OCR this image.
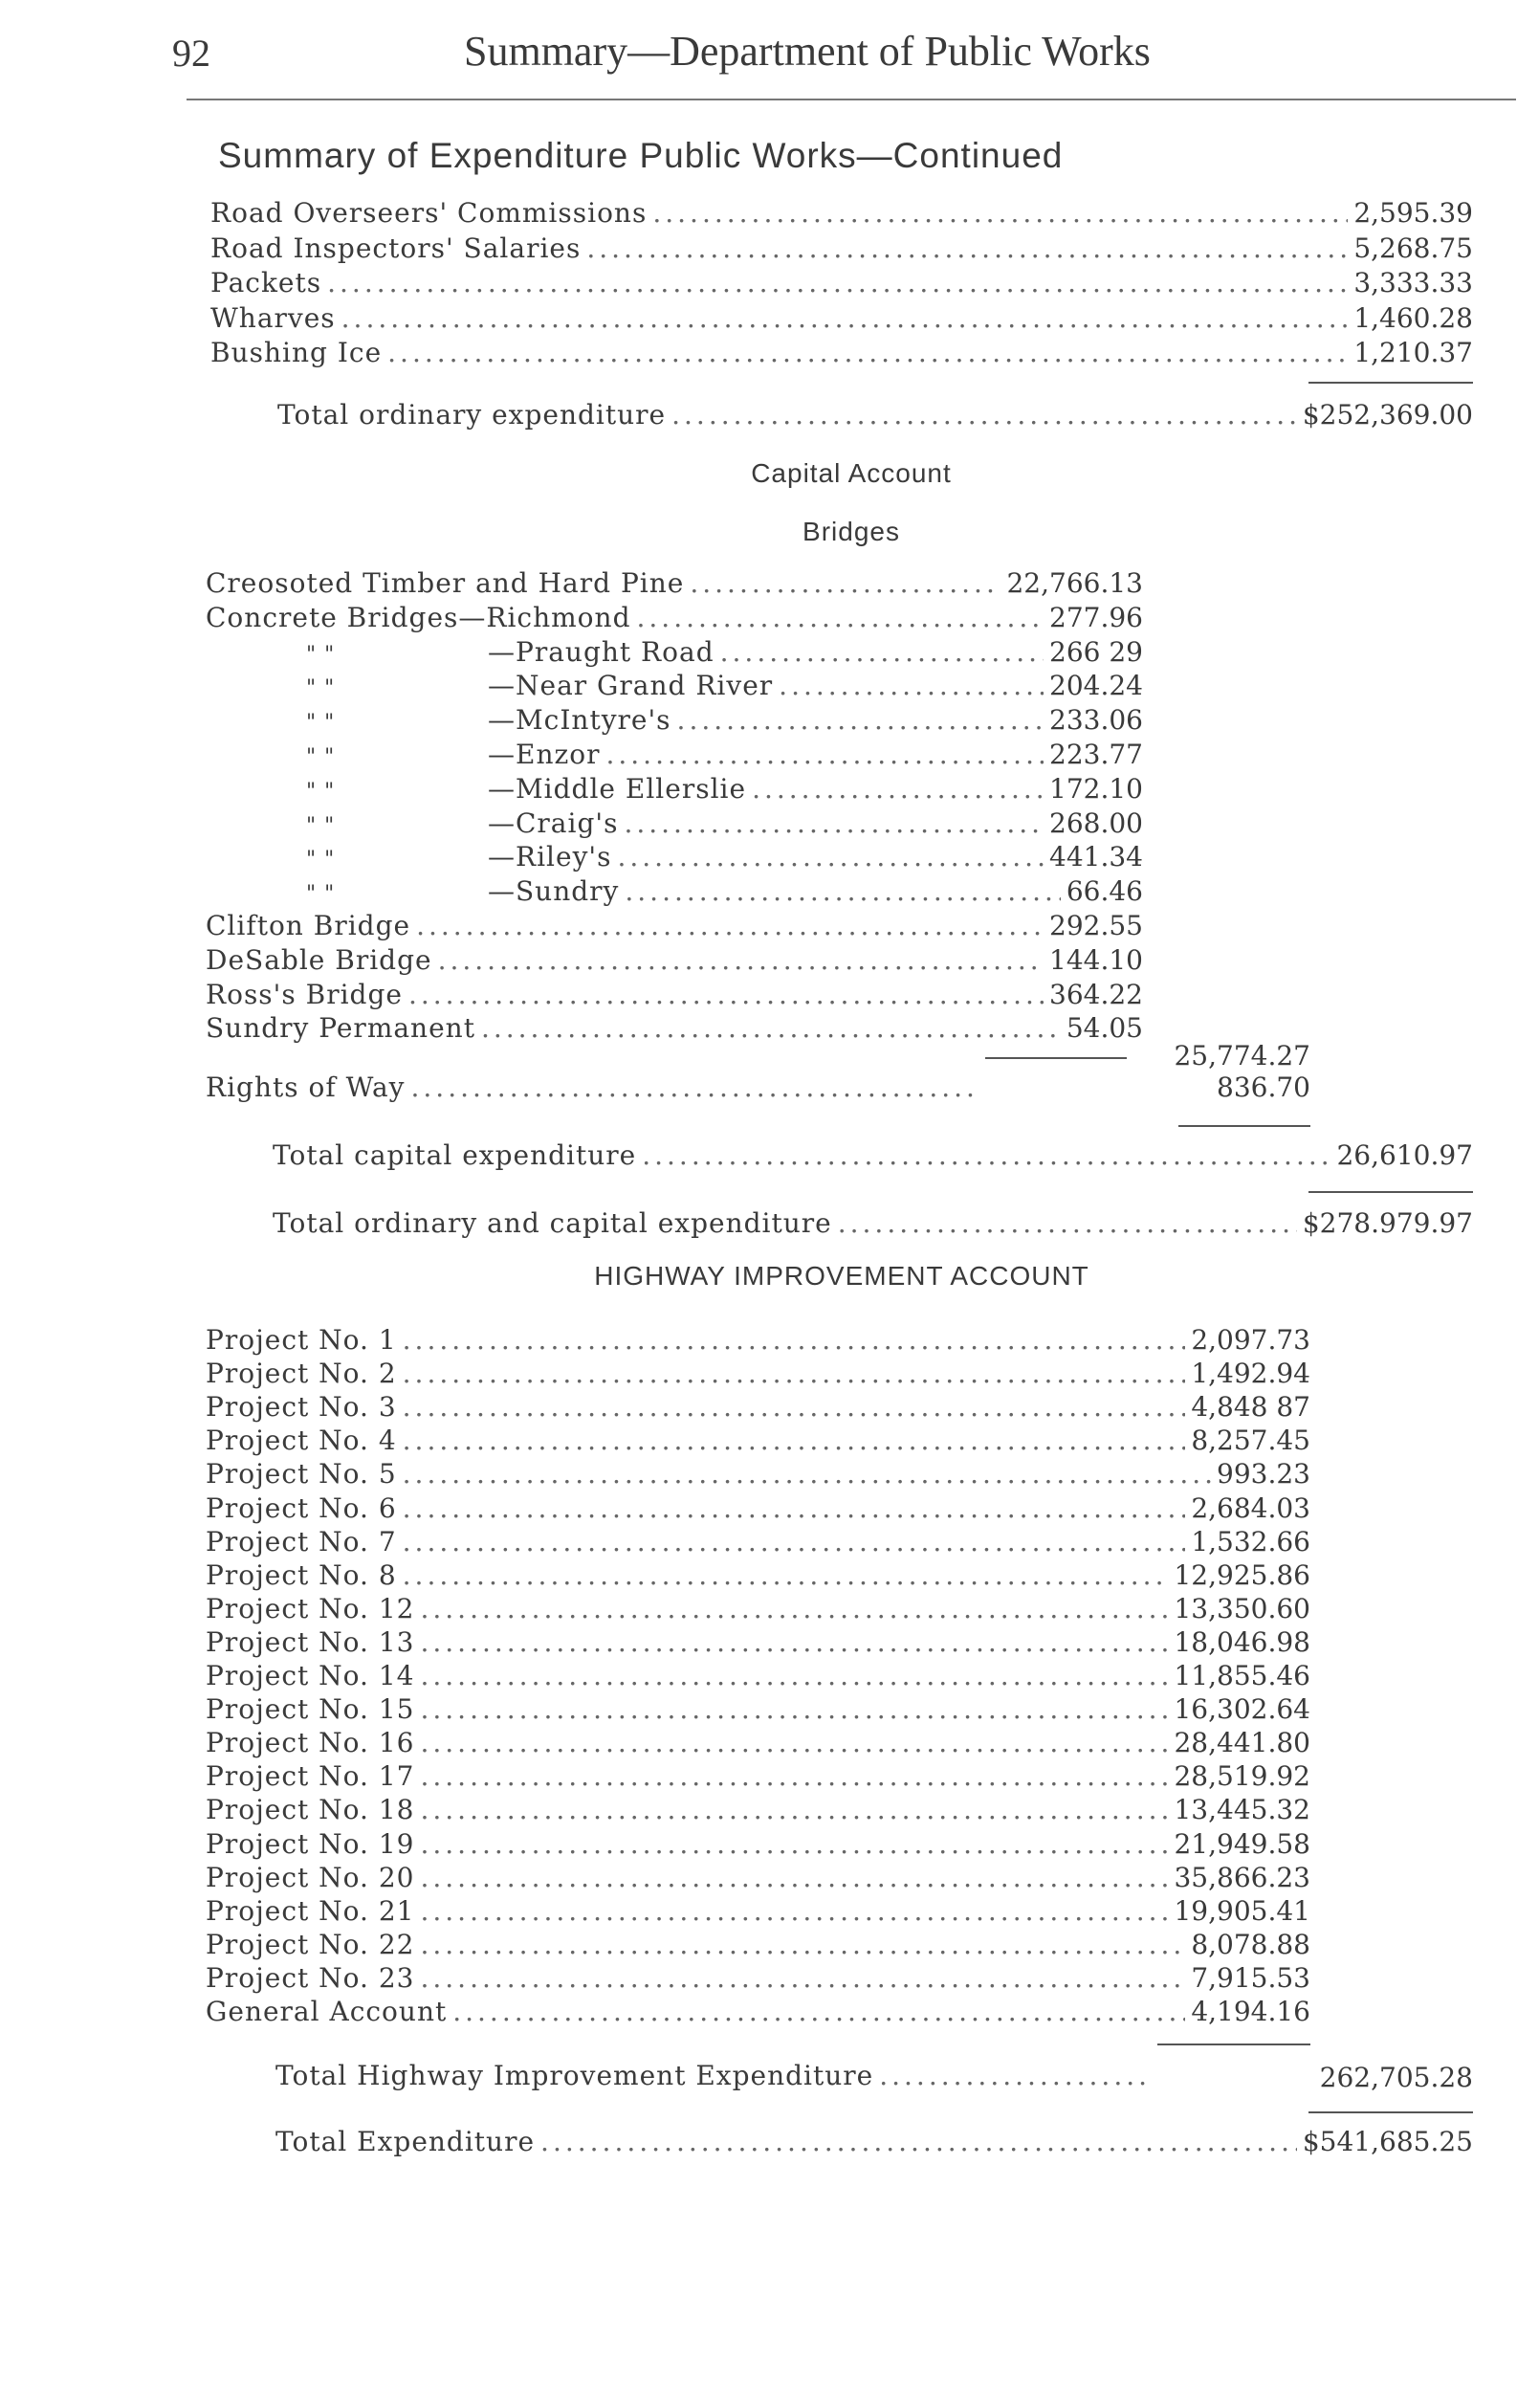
92	Summary—Department of Public Works
Summary of Expenditure Public Works—Continued
Road Overseers' Commissions .....	2,595.39
Road Inspectors' Salaries .....	5,268.75
Packets .....	3,333.33
Wharves .....	1,460.28
Bushing Ice .....	1,210.37
Total ordinary expenditure .....	$252,369.00
Capital Account
Bridges
Creosoted Timber and Hard Pine .....	22,766.13
Concrete Bridges—Richmond .....	277.96
" "	—Praught Road .....	266 29
" "	—Near Grand River .....	204.24
" "	—McIntyre's .....	233.06
" "	—Enzor .....	223.77
" "	—Middle Ellerslie .....	172.10
" "	—Craig's .....	268.00
" "	—Riley's .....	441.34
" "	—Sundry .....	66.46
Clifton Bridge .....	292.55
DeSable Bridge .....	144.10
Ross's Bridge .....	364.22
Sundry Permanent .....	54.05
25,774.27
Rights of Way .....	836.70
Total capital expenditure .....	26,610.97
Total ordinary and capital expenditure .....	$278.979.97
HIGHWAY IMPROVEMENT ACCOUNT
Project No. 1 .....	2,097.73
Project No. 2 .....	1,492.94
Project No. 3 .....	4,848 87
Project No. 4 .....	8,257.45
Project No. 5 .....	993.23
Project No. 6 .....	2,684.03
Project No. 7 .....	1,532.66
Project No. 8 .....	12,925.86
Project No. 12 .....	13,350.60
Project No. 13 .....	18,046.98
Project No. 14 .....	11,855.46
Project No. 15 .....	16,302.64
Project No. 16 .....	28,441.80
Project No. 17 .....	28,519.92
Project No. 18 .....	13,445.32
Project No. 19 .....	21,949.58
Project No. 20 .....	35,866.23
Project No. 21 .....	19,905.41
Project No. 22 .....	8,078.88
Project No. 23 .....	7,915.53
General Account .....	4,194.16
Total Highway Improvement Expenditure .....	262,705.28
Total Expenditure .....	$541,685.25
